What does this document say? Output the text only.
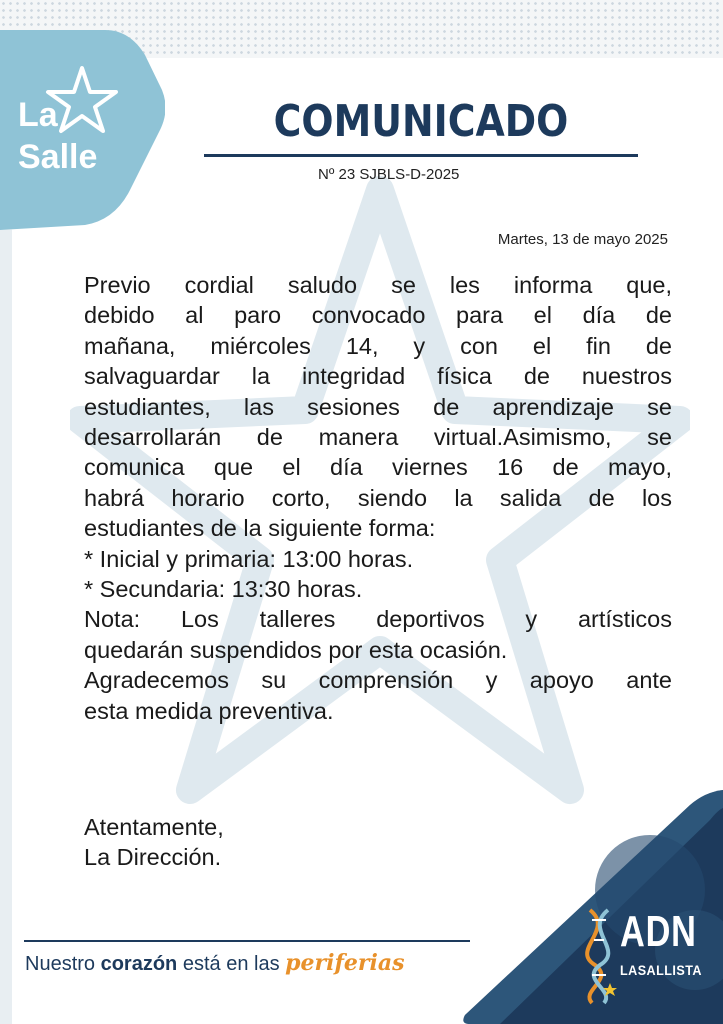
La
Salle
COMUNICADO
Nº 23 SJBLS-D-2025
Martes, 13 de mayo 2025

Previo cordial saludo se les informa que,

debido al paro convocado para el día de

mañana, miércoles 14, y con el fin de

salvaguardar la integridad física de nuestros

estudiantes, las sesiones de aprendizaje se

desarrollarán de manera virtual.Asimismo, se

comunica que el día viernes 16 de mayo,

habrá horario corto, siendo la salida de los

estudiantes de la siguiente forma:

* Inicial y primaria: 13:00 horas.

* Secundaria: 13:30 horas.

Nota: Los talleres deportivos y artísticos

quedarán suspendidos por esta ocasión.

Agradecemos su comprensión y apoyo ante

esta medida preventiva.

Atentamente,
La Dirección.
Nuestro corazón está en las periferias
ADN
LASALLISTA
